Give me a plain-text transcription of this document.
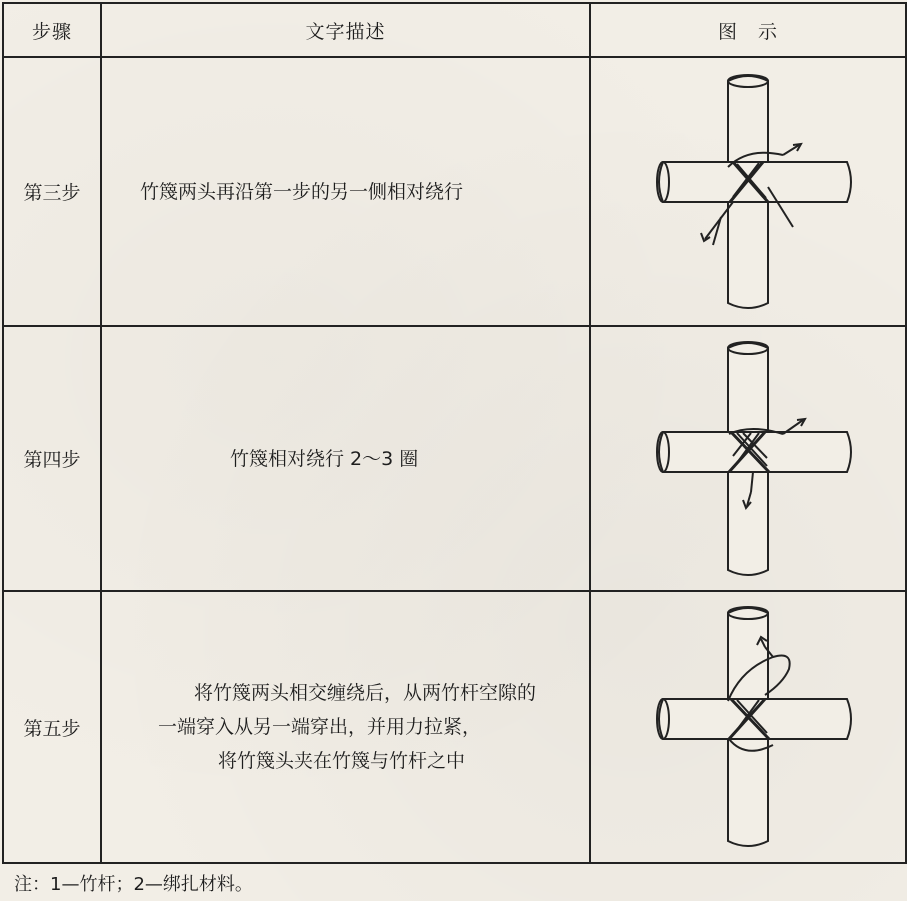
步骤	文字描述	图　示
第三步	竹篾两头再沿第一步的另一侧相对绕行

第四步	竹篾相对绕行 2～3 圈

第五步	将竹篾两头相交缠绕后，从两竹杆空隙的
一端穿入从另一端穿出，并用力拉紧，
将竹篾头夹在竹篾与竹杆之中

注：1—竹杆；2—绑扎材料。
